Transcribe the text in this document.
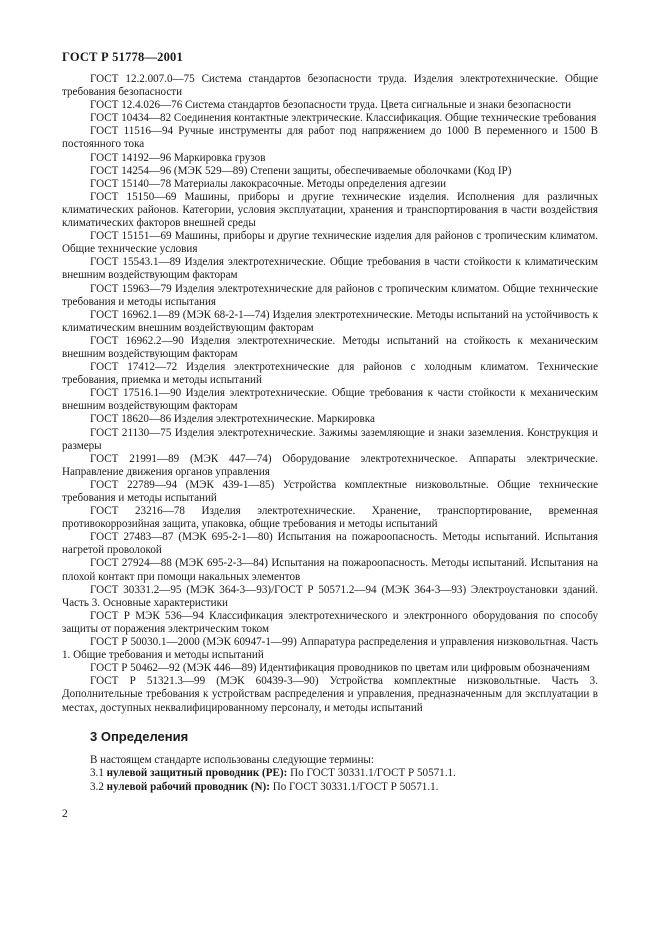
ГОСТ Р 51778—2001

ГОСТ 12.2.007.0—75 Система стандартов безопасности труда. Изделия электротехнические. Общие требования безопасности

ГОСТ 12.4.026—76 Система стандартов безопасности труда. Цвета сигнальные и знаки безопасности

ГОСТ 10434—82 Соединения контактные электрические. Классификация. Общие технические требования

ГОСТ 11516—94 Ручные инструменты для работ под напряжением до 1000 В переменного и 1500 В постоянного тока

ГОСТ 14192—96 Маркировка грузов

ГОСТ 14254—96 (МЭК 529—89) Степени защиты, обеспечиваемые оболочками (Код IP)

ГОСТ 15140—78 Материалы лакокрасочные. Методы определения адгезии

ГОСТ 15150—69 Машины, приборы и другие технические изделия. Исполнения для различных климатических районов. Категории, условия эксплуатации, хранения и транспортирования в части воздействия климатических факторов внешней среды

ГОСТ 15151—69 Машины, приборы и другие технические изделия для районов с тропическим климатом. Общие технические условия

ГОСТ 15543.1—89 Изделия электротехнические. Общие требования в части стойкости к климатическим внешним воздействующим факторам

ГОСТ 15963—79 Изделия электротехнические для районов с тропическим климатом. Общие технические требования и методы испытания

ГОСТ 16962.1—89 (МЭК 68-2-1—74) Изделия электротехнические. Методы испытаний на устойчивость к климатическим внешним воздействующим факторам

ГОСТ 16962.2—90 Изделия электротехнические. Методы испытаний на стойкость к механическим внешним воздействующим факторам

ГОСТ 17412—72 Изделия электротехнические для районов с холодным климатом. Технические требования, приемка и методы испытаний

ГОСТ 17516.1—90 Изделия электротехнические. Общие требования к части стойкости к механическим внешним воздействующим факторам

ГОСТ 18620—86 Изделия электротехнические. Маркировка

ГОСТ 21130—75 Изделия электротехнические. Зажимы заземляющие и знаки заземления. Конструкция и размеры

ГОСТ 21991—89 (МЭК 447—74) Оборудование электротехническое. Аппараты электрические. Направление движения органов управления

ГОСТ 22789—94 (МЭК 439-1—85) Устройства комплектные низковольтные. Общие технические требования и методы испытаний

ГОСТ 23216—78 Изделия электротехнические. Хранение, транспортирование, временная противокоррозийная защита, упаковка, общие требования и методы испытаний

ГОСТ 27483—87 (МЭК 695-2-1—80) Испытания на пожароопасность. Методы испытаний. Испытания нагретой проволокой

ГОСТ 27924—88 (МЭК 695-2-3—84) Испытания на пожароопасность. Методы испытаний. Испытания на плохой контакт при помощи накальных элементов

ГОСТ 30331.2—95 (МЭК 364-3—93)/ГОСТ Р 50571.2—94 (МЭК 364-3—93) Электроустановки зданий. Часть 3. Основные характеристики

ГОСТ Р МЭК 536—94 Классификация электротехнического и электронного оборудования по способу защиты от поражения электрическим током

ГОСТ Р 50030.1—2000 (МЭК 60947-1—99) Аппаратура распределения и управления низковольтная. Часть 1. Общие требования и методы испытаний

ГОСТ Р 50462—92 (МЭК 446—89) Идентификация проводников по цветам или цифровым обозначениям

ГОСТ Р 51321.3—99 (МЭК 60439-3—90) Устройства комплектные низковольтные. Часть 3. Дополнительные требования к устройствам распределения и управления, предназначенным для эксплуатации в местах, доступных неквалифицированному персоналу, и методы испытаний

3 Определения

В настоящем стандарте использованы следующие термины:

3.1 нулевой защитный проводник (PE): По ГОСТ 30331.1/ГОСТ Р 50571.1.

3.2 нулевой рабочий проводник (N): По ГОСТ 30331.1/ГОСТ Р 50571.1.

2
